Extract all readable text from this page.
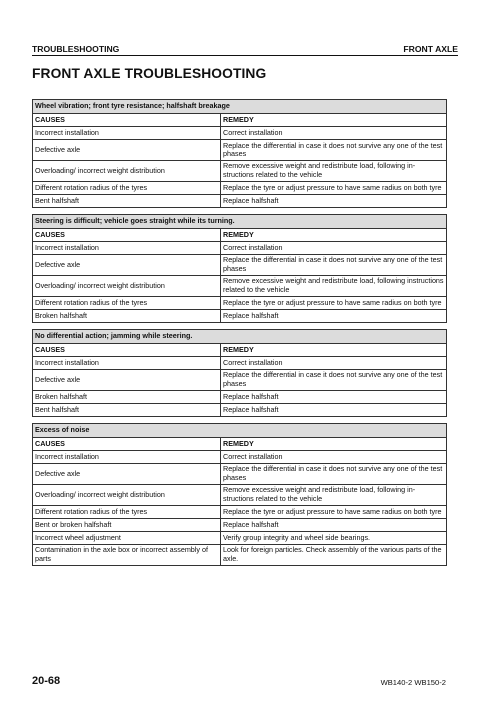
TROUBLESHOOTING	FRONT AXLE
FRONT AXLE TROUBLESHOOTING
Wheel vibration; front tyre resistance; halfshaft breakage	
CAUSES	REMEDY
Incorrect installation	Correct installation
Defective axle	Replace the differential in case it does not survive any one of the test phases
Overloading/ incorrect weight distribution	Remove excessive weight and redistribute load, following in-structions related to the vehicle
Different rotation radius of the tyres	Replace the tyre or adjust pressure to have same radius on both tyre
Bent halfshaft	Replace halfshaft
Steering is difficult; vehicle goes straight while its turning.	
CAUSES	REMEDY
Incorrect installation	Correct installation
Defective axle	Replace the differential in case it does not survive any one of the test phases
Overloading/ incorrect weight distribution	Remove excessive weight and redistribute load, following instructions related to the vehicle
Different rotation radius of the tyres	Replace the tyre or adjust pressure to have same radius on both tyre
Broken halfshaft	Replace halfshaft
No differential action; jamming while steering.	
CAUSES	REMEDY
Incorrect installation	Correct installation
Defective axle	Replace the differential in case it does not survive any one of the test phases
Broken halfshaft	Replace halfshaft
Bent halfshaft	Replace halfshaft
Excess of noise	
CAUSES	REMEDY
Incorrect installation	Correct installation
Defective axle	Replace the differential in case it does not survive any one of the test phases
Overloading/ incorrect weight distribution	Remove excessive weight and redistribute load, following in-structions related to the vehicle
Different rotation radius of the tyres	Replace the tyre or adjust pressure to have same radius on both tyre
Bent or broken halfshaft	Replace halfshaft
Incorrect wheel adjustment	Verify group integrity and wheel side bearings.
Contamination in the axle box or incorrect assembly of parts	Look for foreign particles. Check assembly of the various parts of the axle.
20-68	WB140-2 WB150-2
